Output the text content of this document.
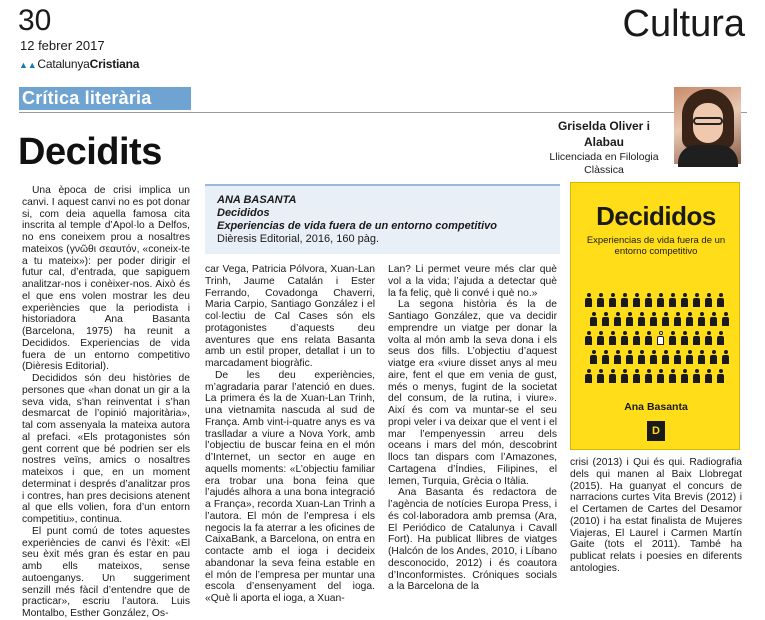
30
12 febrer 2017
▲▲CatalunyaCristiana
Cultura
Crítica literària
Decidits
Griselda Oliver i Alabau
Llicenciada en Filologia Clàssica

Una època de crisi implica un canvi. I aquest canvi no es pot donar si, com deia aquella famosa cita inscrita al temple d’Apol·lo a Delfos, no ens coneixem prou a nosaltres mateixos (γνῶθι σεαυτόν, «coneix-te a tu mateix»): per poder dirigir el futur cal, d’entrada, que sapiguem analitzar-nos i conèixer-nos. Això és el que ens volen mostrar les deu experiències que la periodista i historiadora Ana Basanta (Barcelona, 1975) ha reunit a Decididos. Experiencias de vida fuera de un entorno competitivo (Dièresis Editorial).

Decididos són deu històries de persones que «han donat un gir a la seva vida, s’han reinventat i s’han desmarcat de l’opinió majoritària», tal com assenyala la mateixa autora al prefaci. «Els protagonistes són gent corrent que bé podrien ser els nostres veïns, amics o nosaltres mateixos i que, en un moment determinat i després d’analitzar pros i contres, han pres decisions atenent al que ells volien, fora d’un entorn competitiu», continua.

El punt comú de totes aquestes experiències de canvi és l’èxit: «El seu èxit més gran és estar en pau amb ells mateixos, sense autoenganys. Un suggeriment senzill més fàcil d’entendre que de practicar», escriu l’autora. Luis Montalbo, Esther González, Os-

ANA BASANTA
Decididos
Experiencias de vida fuera de un entorno competitivo
Dièresis Editorial, 2016, 160 pàg.

car Vega, Patricia Pólvora, Xuan-Lan Trinh, Jaume Catalán i Ester Ferrando, Covadonga Chaverri, Maria Carpio, Santiago González i el col·lectiu de Cal Cases són els protagonistes d’aquests deu aventures que ens relata Basanta amb un estil proper, detallat i un to marcadament biogràfic.

De les deu experiències, m’agradaria parar l’atenció en dues. La primera és la de Xuan-Lan Trinh, una vietnamita nascuda al sud de França. Amb vint-i-quatre anys es va traslladar a viure a Nova York, amb l’objectiu de buscar feina en el món d’Internet, un sector en auge en aquells moments: «L’objectiu familiar era trobar una bona feina que l’ajudés alhora a una bona integració a França», recorda Xuan-Lan Trinh a l’autora. El món de l’empresa i els negocis la fa aterrar a les oficines de CaixaBank, a Barcelona, on entra en contacte amb el ioga i decideix abandonar la seva feina estable en el món de l’empresa per muntar una escola d’ensenyament del ioga. «Què li aporta el ioga, a Xuan-

Lan? Li permet veure més clar què vol a la vida; l’ajuda a detectar què la fa feliç, què li convé i què no.»

La segona història és la de Santiago González, que va decidir emprendre un viatge per donar la volta al món amb la seva dona i els seus dos fills. L’objectiu d’aquest viatge era «viure disset anys al meu aire, fent el que em venia de gust, més o menys, fugint de la societat del consum, de la rutina, i viure». Així és com va muntar-se el seu propi veler i va deixar que el vent i el mar l’empenyessin arreu dels oceans i mars del món, descobrint llocs tan dispars com l’Amazones, Cartagena d’Índies, Filipines, el Iemen, Turquia, Grècia o Itàlia.

Ana Basanta és redactora de l’agència de notícies Europa Press, i és col·laboradora amb premsa (Ara, El Periódico de Catalunya i Cavall Fort). Ha publicat llibres de viatges (Halcón de los Andes, 2010, i Líbano desconocido, 2012) i és coautora d’Inconformistes. Cróniques socials a la Barcelona de la

Decididos
Experiencias de vida fuera de un entorno competitivo
Ana Basanta
D

crisi (2013) i Qui és qui. Radiografia dels qui manen al Baix Llobregat (2015). Ha guanyat el concurs de narracions curtes Vita Brevis (2012) i el Certamen de Cartes del Desamor (2010) i ha estat finalista de Mujeres Viajeras, El Laurel i Carmen Martín Gaite (tots el 2011). També ha publicat relats i poesies en diferents antologies.
